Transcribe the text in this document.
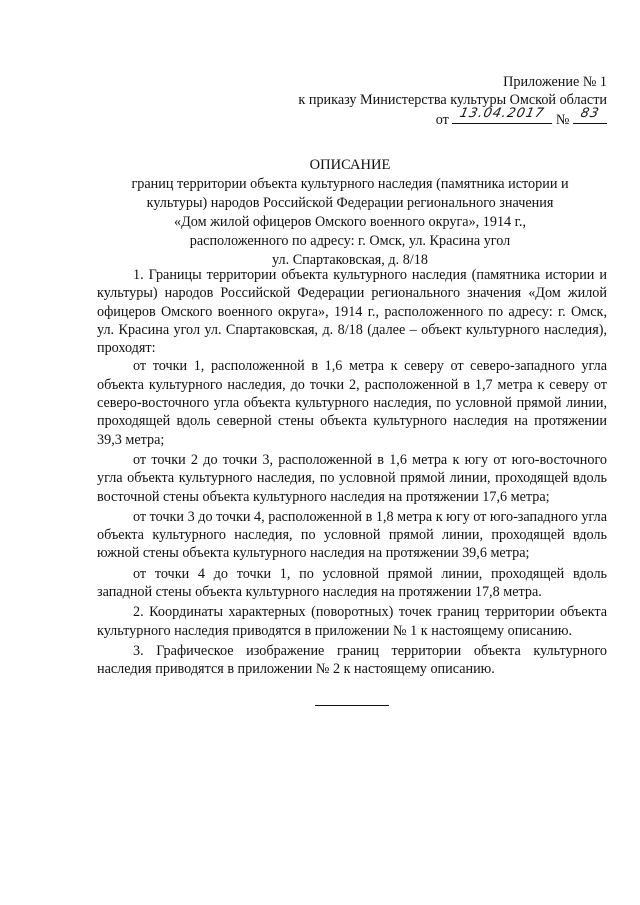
Приложение № 1
к приказу Министерства культуры Омской области
от 13.04.2017 № 83
ОПИСАНИЕ
границ территории объекта культурного наследия (памятника истории и
культуры) народов Российской Федерации регионального значения
«Дом жилой офицеров Омского военного округа», 1914 г.,
расположенного по адресу: г. Омск, ул. Красина угол
ул. Спартаковская, д. 8/18

1. Границы территории объекта культурного наследия (памятника истории и культуры) народов Российской Федерации регионального значения «Дом жилой офицеров Омского военного округа», 1914 г., расположенного по адресу: г. Омск, ул. Красина угол ул. Спартаковская, д. 8/18 (далее – объект культурного наследия), проходят:

от точки 1, расположенной в 1,6 метра к северу от северо-западного угла объекта культурного наследия, до точки 2, расположенной в 1,7 метра к северу от северо-восточного угла объекта культурного наследия, по условной прямой линии, проходящей вдоль северной стены объекта культурного наследия на протяжении 39,3 метра;

от точки 2 до точки 3, расположенной в 1,6 метра к югу от юго-восточного угла объекта культурного наследия, по условной прямой линии, проходящей вдоль восточной стены объекта культурного наследия на протяжении 17,6 метра;

от точки 3 до точки 4, расположенной в 1,8 метра к югу от юго-западного угла объекта культурного наследия, по условной прямой линии, проходящей вдоль южной стены объекта культурного наследия на протяжении 39,6 метра;

от точки 4 до точки 1, по условной прямой линии, проходящей вдоль западной стены объекта культурного наследия на протяжении 17,8 метра.

2. Координаты характерных (поворотных) точек границ территории объекта культурного наследия приводятся в приложении № 1 к настоящему описанию.

3. Графическое изображение границ территории объекта культурного наследия приводятся в приложении № 2 к настоящему описанию.
